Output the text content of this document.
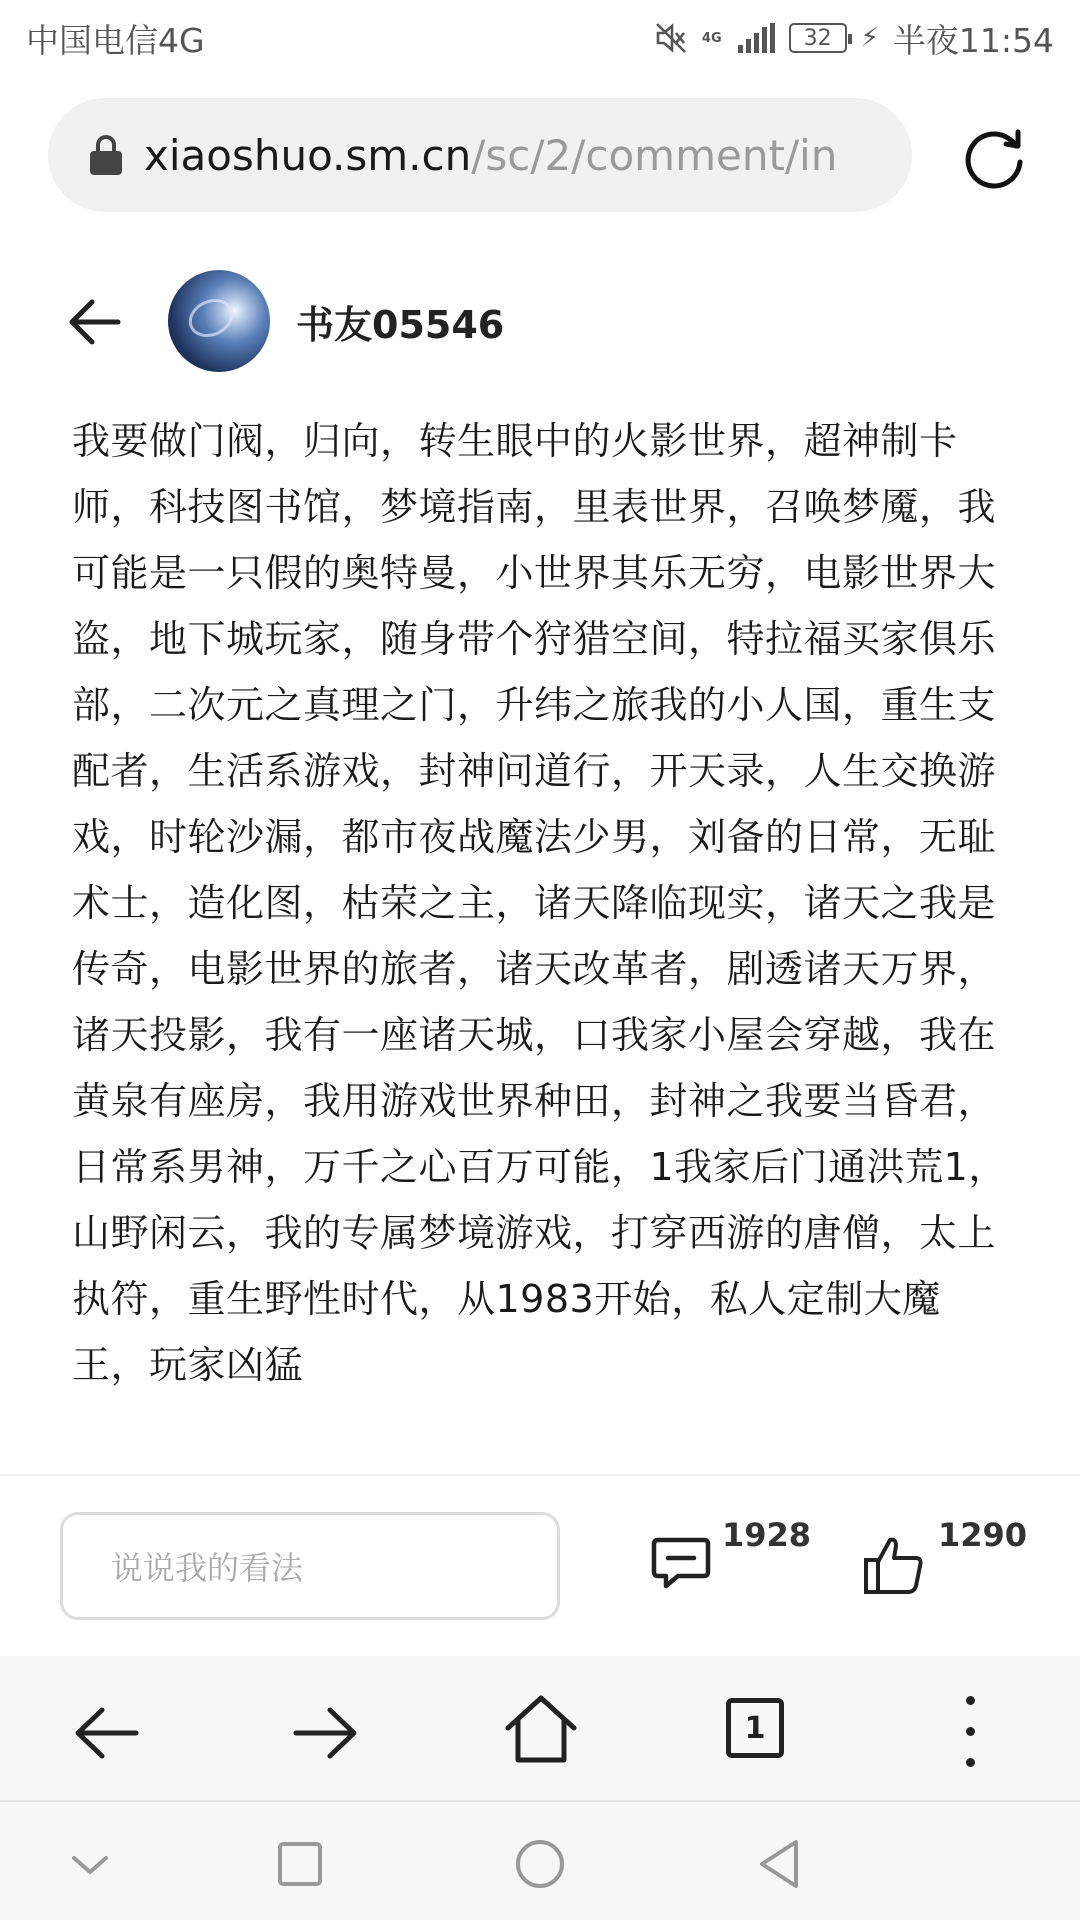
中国电信4G	4G	32 ⚡ 半夜11:54
xiaoshuo.sm.cn/sc/2/comment/in
书友05546
我要做门阀，归向，转生眼中的火影世界，超神制卡师，科技图书馆，梦境指南，里表世界，召唤梦魇，我可能是一只假的奥特曼，小世界其乐无穷，电影世界大盗，地下城玩家，随身带个狩猎空间，特拉福买家俱乐部，二次元之真理之门，升纬之旅我的小人国，重生支配者，生活系游戏，封神问道行，开天录，人生交换游戏，时轮沙漏，都市夜战魔法少男，刘备的日常，无耻术士，造化图，枯荣之主，诸天降临现实，诸天之我是传奇，电影世界的旅者，诸天改革者，剧透诸天万界，诸天投影，我有一座诸天城，口我家小屋会穿越，我在黄泉有座房，我用游戏世界种田，封神之我要当昏君，日常系男神，万千之心百万可能，1我家后门通洪荒1，山野闲云，我的专属梦境游戏，打穿西游的唐僧，太上执符，重生野性时代，从1983开始，私人定制大魔王，玩家凶猛
说说我的看法
1928	1290
1
